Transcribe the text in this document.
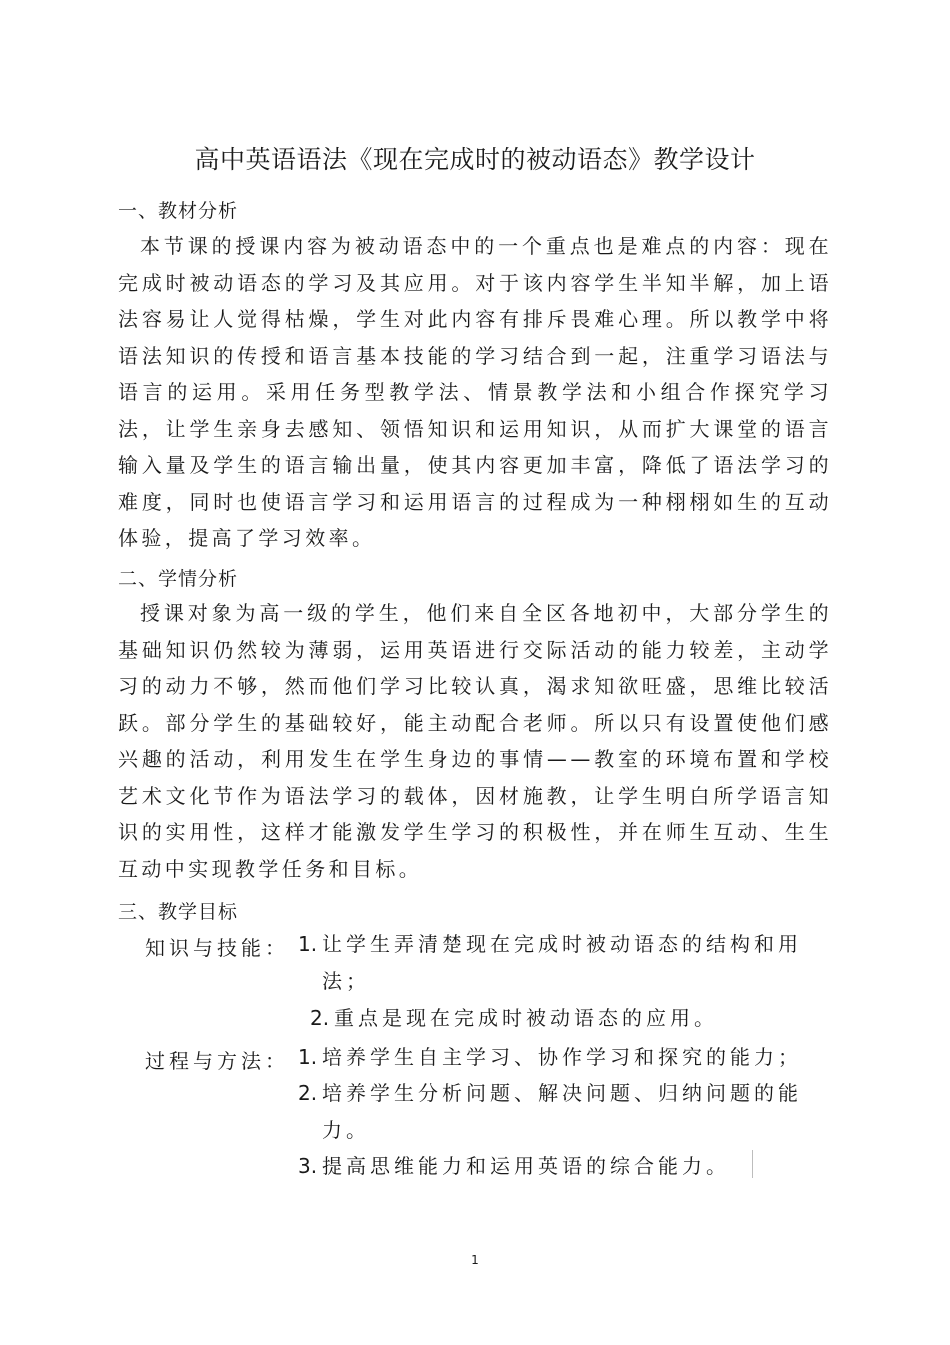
高中英语语法《现在完成时的被动语态》教学设计
一、教材分析

本节课的授课内容为被动语态中的一个重点也是难点的内容：现在完成时被动语态的学习及其应用。对于该内容学生半知半解，加上语法容易让人觉得枯燥，学生对此内容有排斥畏难心理。所以教学中将语法知识的传授和语言基本技能的学习结合到一起，注重学习语法与语言的运用。采用任务型教学法、情景教学法和小组合作探究学习法，让学生亲身去感知、领悟知识和运用知识，从而扩大课堂的语言输入量及学生的语言输出量，使其内容更加丰富，降低了语法学习的难度，同时也使语言学习和运用语言的过程成为一种栩栩如生的互动体验，提高了学习效率。

二、学情分析

授课对象为高一级的学生，他们来自全区各地初中，大部分学生的基础知识仍然较为薄弱，运用英语进行交际活动的能力较差，主动学习的动力不够，然而他们学习比较认真，渴求知欲旺盛，思维比较活跃。部分学生的基础较好，能主动配合老师。所以只有设置使他们感兴趣的活动，利用发生在学生身边的事情——教室的环境布置和学校艺术文化节作为语法学习的载体，因材施教，让学生明白所学语言知识的实用性，这样才能激发学生学习的积极性，并在师生互动、生生互动中实现教学任务和目标。

三、教学目标
知识与技能： 1. 让学生弄清楚现在完成时被动语态的结构和用
法；
2. 重点是现在完成时被动语态的应用。
过程与方法： 1. 培养学生自主学习、协作学习和探究的能力；
2. 培养学生分析问题、解决问题、归纳问题的能
力。
3. 提高思维能力和运用英语的综合能力。
1
